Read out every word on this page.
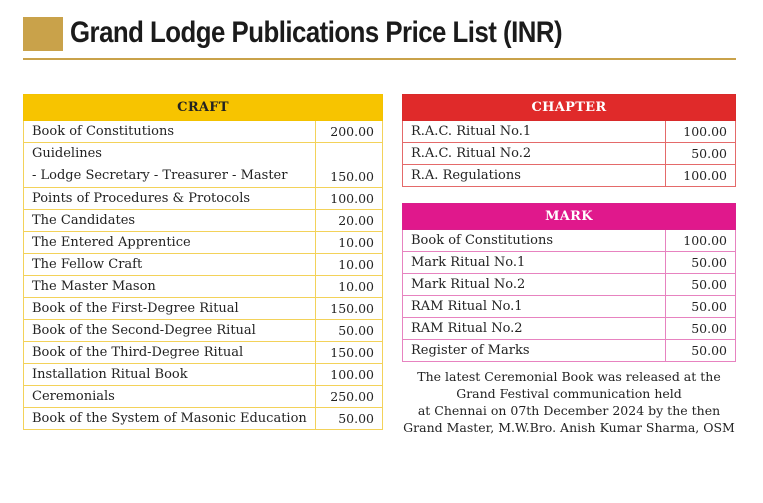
Grand Lodge Publications Price List (INR)
CRAFT	
Book of Constitutions	200.00

Guidelines
- Lodge Secretary - Treasurer - Master	150.00
Points of Procedures & Protocols	100.00
The Candidates	20.00
The Entered Apprentice	10.00
The Fellow Craft	10.00
The Master Mason	10.00
Book of the First-Degree Ritual	150.00
Book of the Second-Degree Ritual	50.00
Book of the Third-Degree Ritual	150.00
Installation Ritual Book	100.00
Ceremonials	250.00
Book of the System of Masonic Education	50.00
CHAPTER	
R.A.C. Ritual No.1	100.00
R.A.C. Ritual No.2	50.00
R.A. Regulations	100.00
MARK	
Book of Constitutions	100.00
Mark Ritual No.1	50.00
Mark Ritual No.2	50.00
RAM Ritual No.1	50.00
RAM Ritual No.2	50.00
Register of Marks	50.00
The latest Ceremonial Book was released at the
Grand Festival communication held
at Chennai on 07th December 2024 by the then
Grand Master, M.W.Bro. Anish Kumar Sharma, OSM
